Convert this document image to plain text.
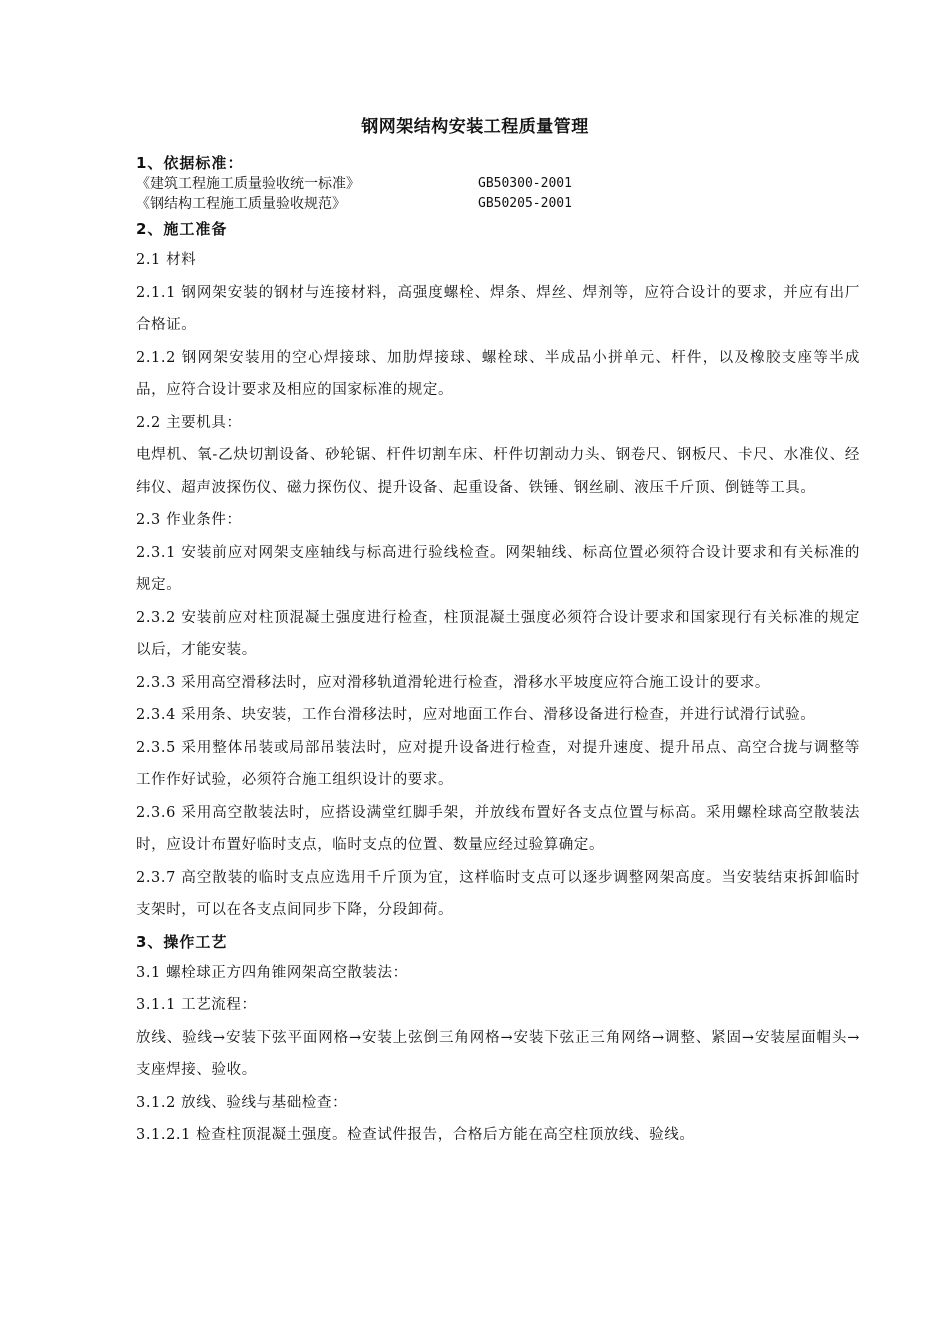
钢网架结构安装工程质量管理

1、依据标准：

《建筑工程施工质量验收统一标准》	GB50300-2001
《钢结构工程施工质量验收规范》	GB50205-2001

2、施工准备

2.1 材料

2.1.1 钢网架安装的钢材与连接材料，高强度螺栓、焊条、焊丝、焊剂等，应符合设计的要求，并应有出厂合格证。

2.1.2 钢网架安装用的空心焊接球、加肋焊接球、螺栓球、半成品小拼单元、杆件，以及橡胶支座等半成品，应符合设计要求及相应的国家标准的规定。

2.2 主要机具：

电焊机、氧-乙炔切割设备、砂轮锯、杆件切割车床、杆件切割动力头、钢卷尺、钢板尺、卡尺、水准仪、经纬仪、超声波探伤仪、磁力探伤仪、提升设备、起重设备、铁锤、钢丝刷、液压千斤顶、倒链等工具。

2.3 作业条件：

2.3.1 安装前应对网架支座轴线与标高进行验线检查。网架轴线、标高位置必须符合设计要求和有关标准的规定。

2.3.2 安装前应对柱顶混凝土强度进行检查，柱顶混凝土强度必须符合设计要求和国家现行有关标准的规定以后，才能安装。

2.3.3 采用高空滑移法时，应对滑移轨道滑轮进行检查，滑移水平坡度应符合施工设计的要求。

2.3.4 采用条、块安装，工作台滑移法时，应对地面工作台、滑移设备进行检查，并进行试滑行试验。

2.3.5 采用整体吊装或局部吊装法时，应对提升设备进行检查，对提升速度、提升吊点、高空合拢与调整等工作作好试验，必须符合施工组织设计的要求。

2.3.6 采用高空散装法时，应搭设满堂红脚手架，并放线布置好各支点位置与标高。采用螺栓球高空散装法时，应设计布置好临时支点，临时支点的位置、数量应经过验算确定。

2.3.7 高空散装的临时支点应选用千斤顶为宜，这样临时支点可以逐步调整网架高度。当安装结束拆卸临时支架时，可以在各支点间同步下降，分段卸荷。

3、操作工艺

3.1 螺栓球正方四角锥网架高空散装法：

3.1.1 工艺流程：

放线、验线→安装下弦平面网格→安装上弦倒三角网格→安装下弦正三角网络→调整、紧固→安装屋面帽头→支座焊接、验收。

3.1.2 放线、验线与基础检查：

3.1.2.1 检查柱顶混凝土强度。检查试件报告，合格后方能在高空柱顶放线、验线。
